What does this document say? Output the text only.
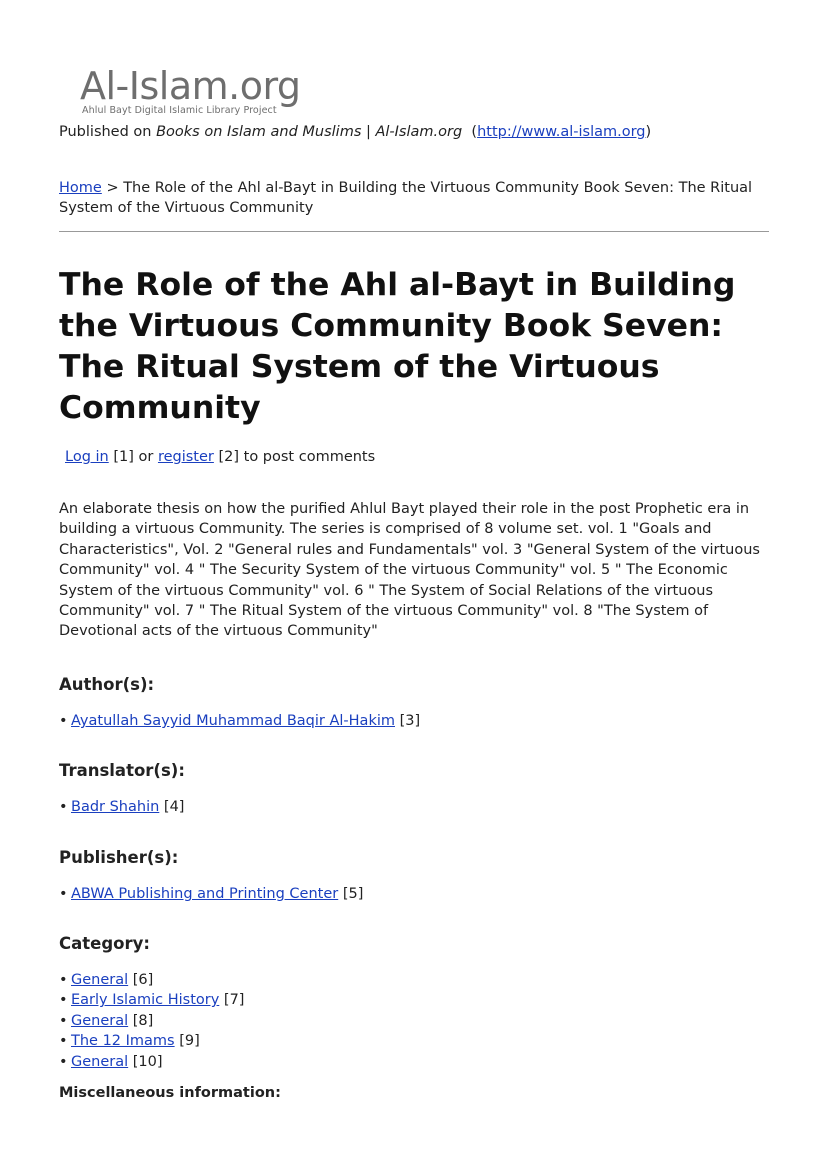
Al-Islam.org
Ahlul Bayt Digital Islamic Library Project
Published on Books on Islam and Muslims | Al-Islam.org  (http://www.al-islam.org)
Home > The Role of the Ahl al-Bayt in Building the Virtuous Community Book Seven: The Ritual System of the Virtuous Community
The Role of the Ahl al-Bayt in Building the Virtuous Community Book Seven: The Ritual System of the Virtuous Community
Log in [1] or register [2] to post comments

An elaborate thesis on how the purified Ahlul Bayt played their role in the post Prophetic era in building a virtuous Community. The series is comprised of 8 volume set. vol. 1 "Goals and Characteristics", Vol. 2 "General rules and Fundamentals" vol. 3 "General System of the virtuous Community" vol. 4 " The Security System of the virtuous Community" vol. 5 " The Economic System of the virtuous Community" vol. 6 " The System of Social Relations of the virtuous Community" vol. 7 " The Ritual System of the virtuous Community" vol. 8 "The System of Devotional acts of the virtuous Community"

Author(s):
• Ayatullah Sayyid Muhammad Baqir Al-Hakim [3]
Translator(s):
• Badr Shahin [4]
Publisher(s):
• ABWA Publishing and Printing Center [5]
Category:
• General [6]
• Early Islamic History [7]
• General [8]
• The 12 Imams [9]
• General [10]
Miscellaneous information:
